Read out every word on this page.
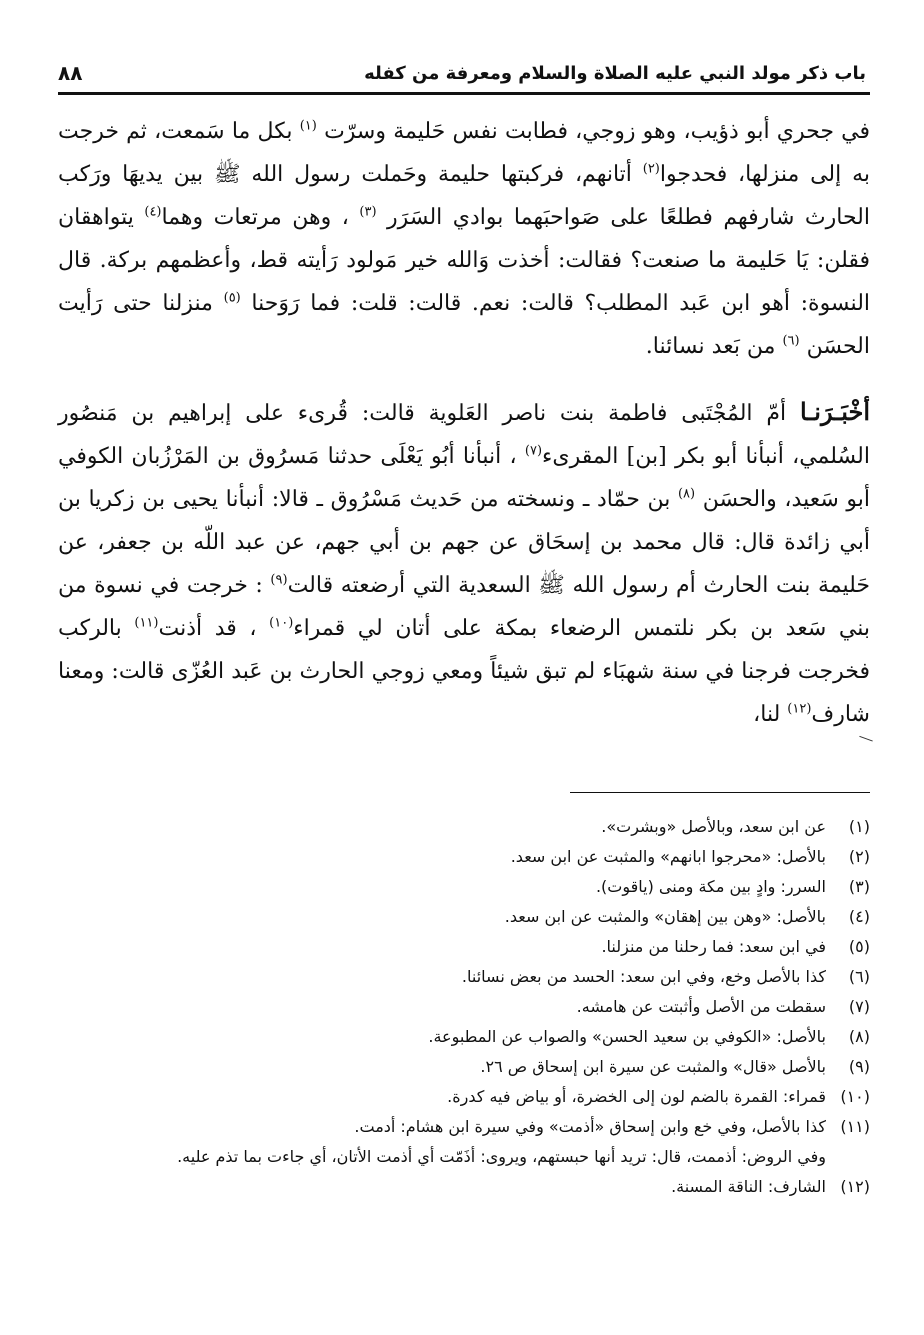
باب ذكر مولد النبي عليه الصلاة والسلام ومعرفة من كفله
٨٨

في جحري أبو ذؤيب، وهو زوجي، فطابت نفس حَليمة وسرّت $^{(١)}$ بكل ما سَمعت، ثم خرجت به إلى منزلها، فحدجوا$^{(٢)}$ أتانهم، فركبتها حليمة وحَملت رسول الله ﷺ بين يديهَا ورَكب الحارث شارفهم فطلعًا على صَواحبَهما بوادي السَرَر $^{(٣)}$ ، وهن مرتعات وهما$^{(٤)}$ يتواهقان فقلن: يَا حَليمة ما صنعت؟ فقالت: أخذت وَالله خير مَولود رَأيته قط، وأعظمهم بركة. قال النسوة: أهو ابن عَبد المطلب؟ قالت: نعم. قالت: قلت: فما رَوَحنا $^{(٥)}$ منزلنا حتى رَأيت الحسَن $^{(٦)}$ من بَعد نسائنا.

أخْبَـرَنـا أمّ المُجْتَبى فاطمة بنت ناصر العَلوية قالت: قُرىء على إبراهيم بن مَنصُور السُلمي، أنبأنا أبو بكر [بن] المقرىء$^{(٧)}$ ، أنبأنا أبُو يَعْلَى حدثنا مَسرُوق بن المَرْزُبان الكوفي أبو سَعيد، والحسَن $^{(٨)}$ بن حمّاد ـ ونسخته من حَديث مَسْرُوق ـ قالا: أنبأنا يحيى بن زكريا بن أبي زائدة قال: قال محمد بن إسحَاق عن جهم بن أبي جهم، عن عبد اللّه بن جعفر، عن حَليمة بنت الحارث أم رسول الله ﷺ السعدية التي أرضعته قالت$^{(٩)}$ : خرجت في نسوة من بني سَعد بن بكر نلتمس الرضعاء بمكة على أتان لي قمراء$^{(١٠)}$ ، قد أذنت$^{(١١)}$ بالركب فخرجت فرجنا في سنة شهبَاء لم تبق شيئاً ومعي زوجي الحارث بن عَبد العُزّى قالت: ومعنا شارف$^{(١٢)}$ لنا،

(١)
عن ابن سعد، وبالأصل «وبشرت».
(٢)
بالأصل: «محرجوا ابانهم» والمثبت عن ابن سعد.
(٣)
السرر: وادٍ بين مكة ومنى (ياقوت).
(٤)
بالأصل: «وهن بين إهقان» والمثبت عن ابن سعد.
(٥)
في ابن سعد: فما رحلنا من منزلنا.
(٦)
كذا بالأصل وخع، وفي ابن سعد: الحسد من بعض نسائنا.
(٧)
سقطت من الأصل وأثبتت عن هامشه.
(٨)
بالأصل: «الكوفي بن سعيد الحسن» والصواب عن المطبوعة.
(٩)
بالأصل «قال» والمثبت عن سيرة ابن إسحاق ص ٢٦.
(١٠)
قمراء: القمرة بالضم لون إلى الخضرة، أو بياض فيه كدرة.
(١١)
كذا بالأصل، وفي خع وابن إسحاق «أذمت» وفي سيرة ابن هشام: أدمت.
وفي الروض: أذممت، قال: تريد أنها حبستهم، ويروى: أذَمّت أي أذمت الأتان، أي جاءت بما تذم عليه.
(١٢)
الشارف: الناقة المسنة.
